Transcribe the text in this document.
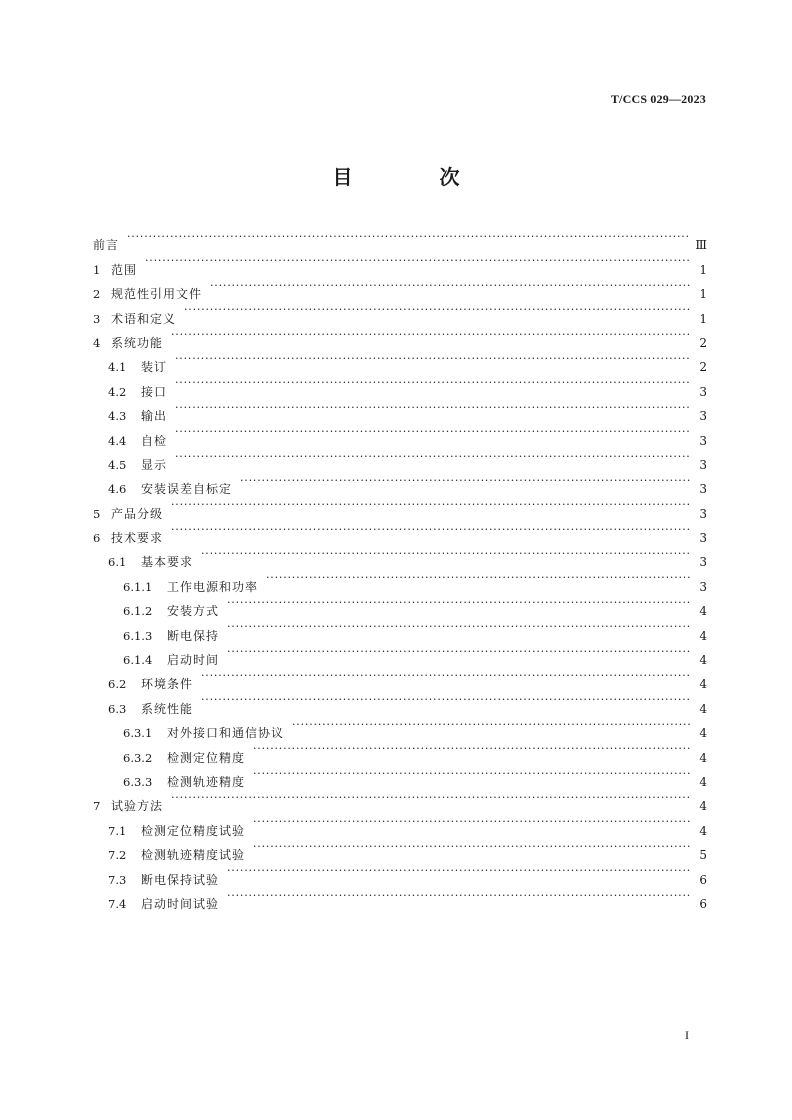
T/CCS 029—2023
目 次
前言 ·····	Ⅲ
1 范围 ·····	1
2 规范性引用文件 ·····	1
3 术语和定义 ·····	1
4 系统功能 ·····	2
4.1	装订 ·····	2
4.2	接口 ·····	3
4.3	输出 ·····	3
4.4	自检 ·····	3
4.5	显示 ·····	3
4.6	安装误差自标定 ·····	3
5 产品分级 ·····	3
6 技术要求 ·····	3
6.1	基本要求 ·····	3
6.1.1	工作电源和功率 ·····	3
6.1.2	安装方式 ·····	4
6.1.3	断电保持 ·····	4
6.1.4	启动时间 ·····	4
6.2	环境条件 ·····	4
6.3	系统性能 ·····	4
6.3.1	对外接口和通信协议 ·····	4
6.3.2	检测定位精度 ·····	4
6.3.3	检测轨迹精度 ·····	4
7 试验方法 ·····	4
7.1	检测定位精度试验 ·····	4
7.2	检测轨迹精度试验 ·····	5
7.3	断电保持试验 ·····	6
7.4	启动时间试验 ·····	6
I
